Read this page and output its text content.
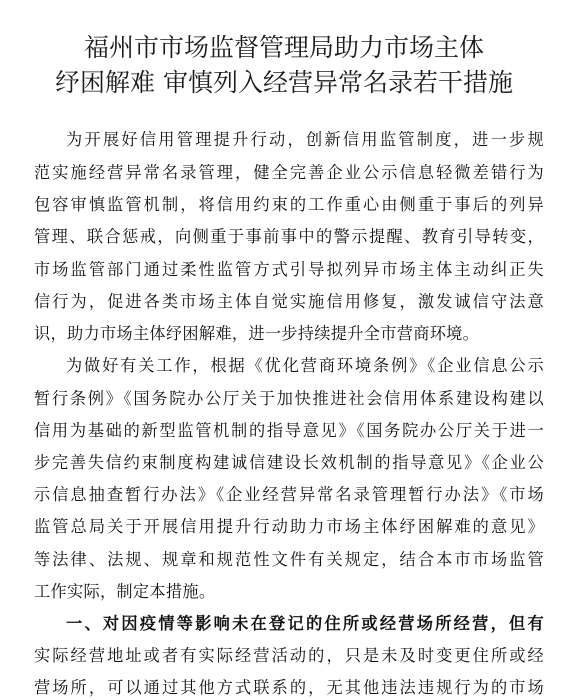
福州市市场监督管理局助力市场主体
纾困解难 审慎列入经营异常名录若干措施
为开展好信用管理提升行动，创新信用监管制度，进一步规
范实施经营异常名录管理，健全完善企业公示信息轻微差错行为
包容审慎监管机制，将信用约束的工作重心由侧重于事后的列异
管理、联合惩戒，向侧重于事前事中的警示提醒、教育引导转变，
市场监管部门通过柔性监管方式引导拟列异市场主体主动纠正失
信行为，促进各类市场主体自觉实施信用修复，激发诚信守法意
识，助力市场主体纾困解难，进一步持续提升全市营商环境。
为做好有关工作，根据《优化营商环境条例》《企业信息公示
暂行条例》《国务院办公厅关于加快推进社会信用体系建设构建以
信用为基础的新型监管机制的指导意见》《国务院办公厅关于进一
步完善失信约束制度构建诚信建设长效机制的指导意见》《企业公
示信息抽查暂行办法》《企业经营异常名录管理暂行办法》《市场
监管总局关于开展信用提升行动助力市场主体纾困解难的意见》
等法律、法规、规章和规范性文件有关规定，结合本市市场监管
工作实际，制定本措施。
一、对因疫情等影响未在登记的住所或经营场所经营，但有
实际经营地址或者有实际经营活动的，只是未及时变更住所或经
营场所，可以通过其他方式联系的，无其他违法违规行为的市场
